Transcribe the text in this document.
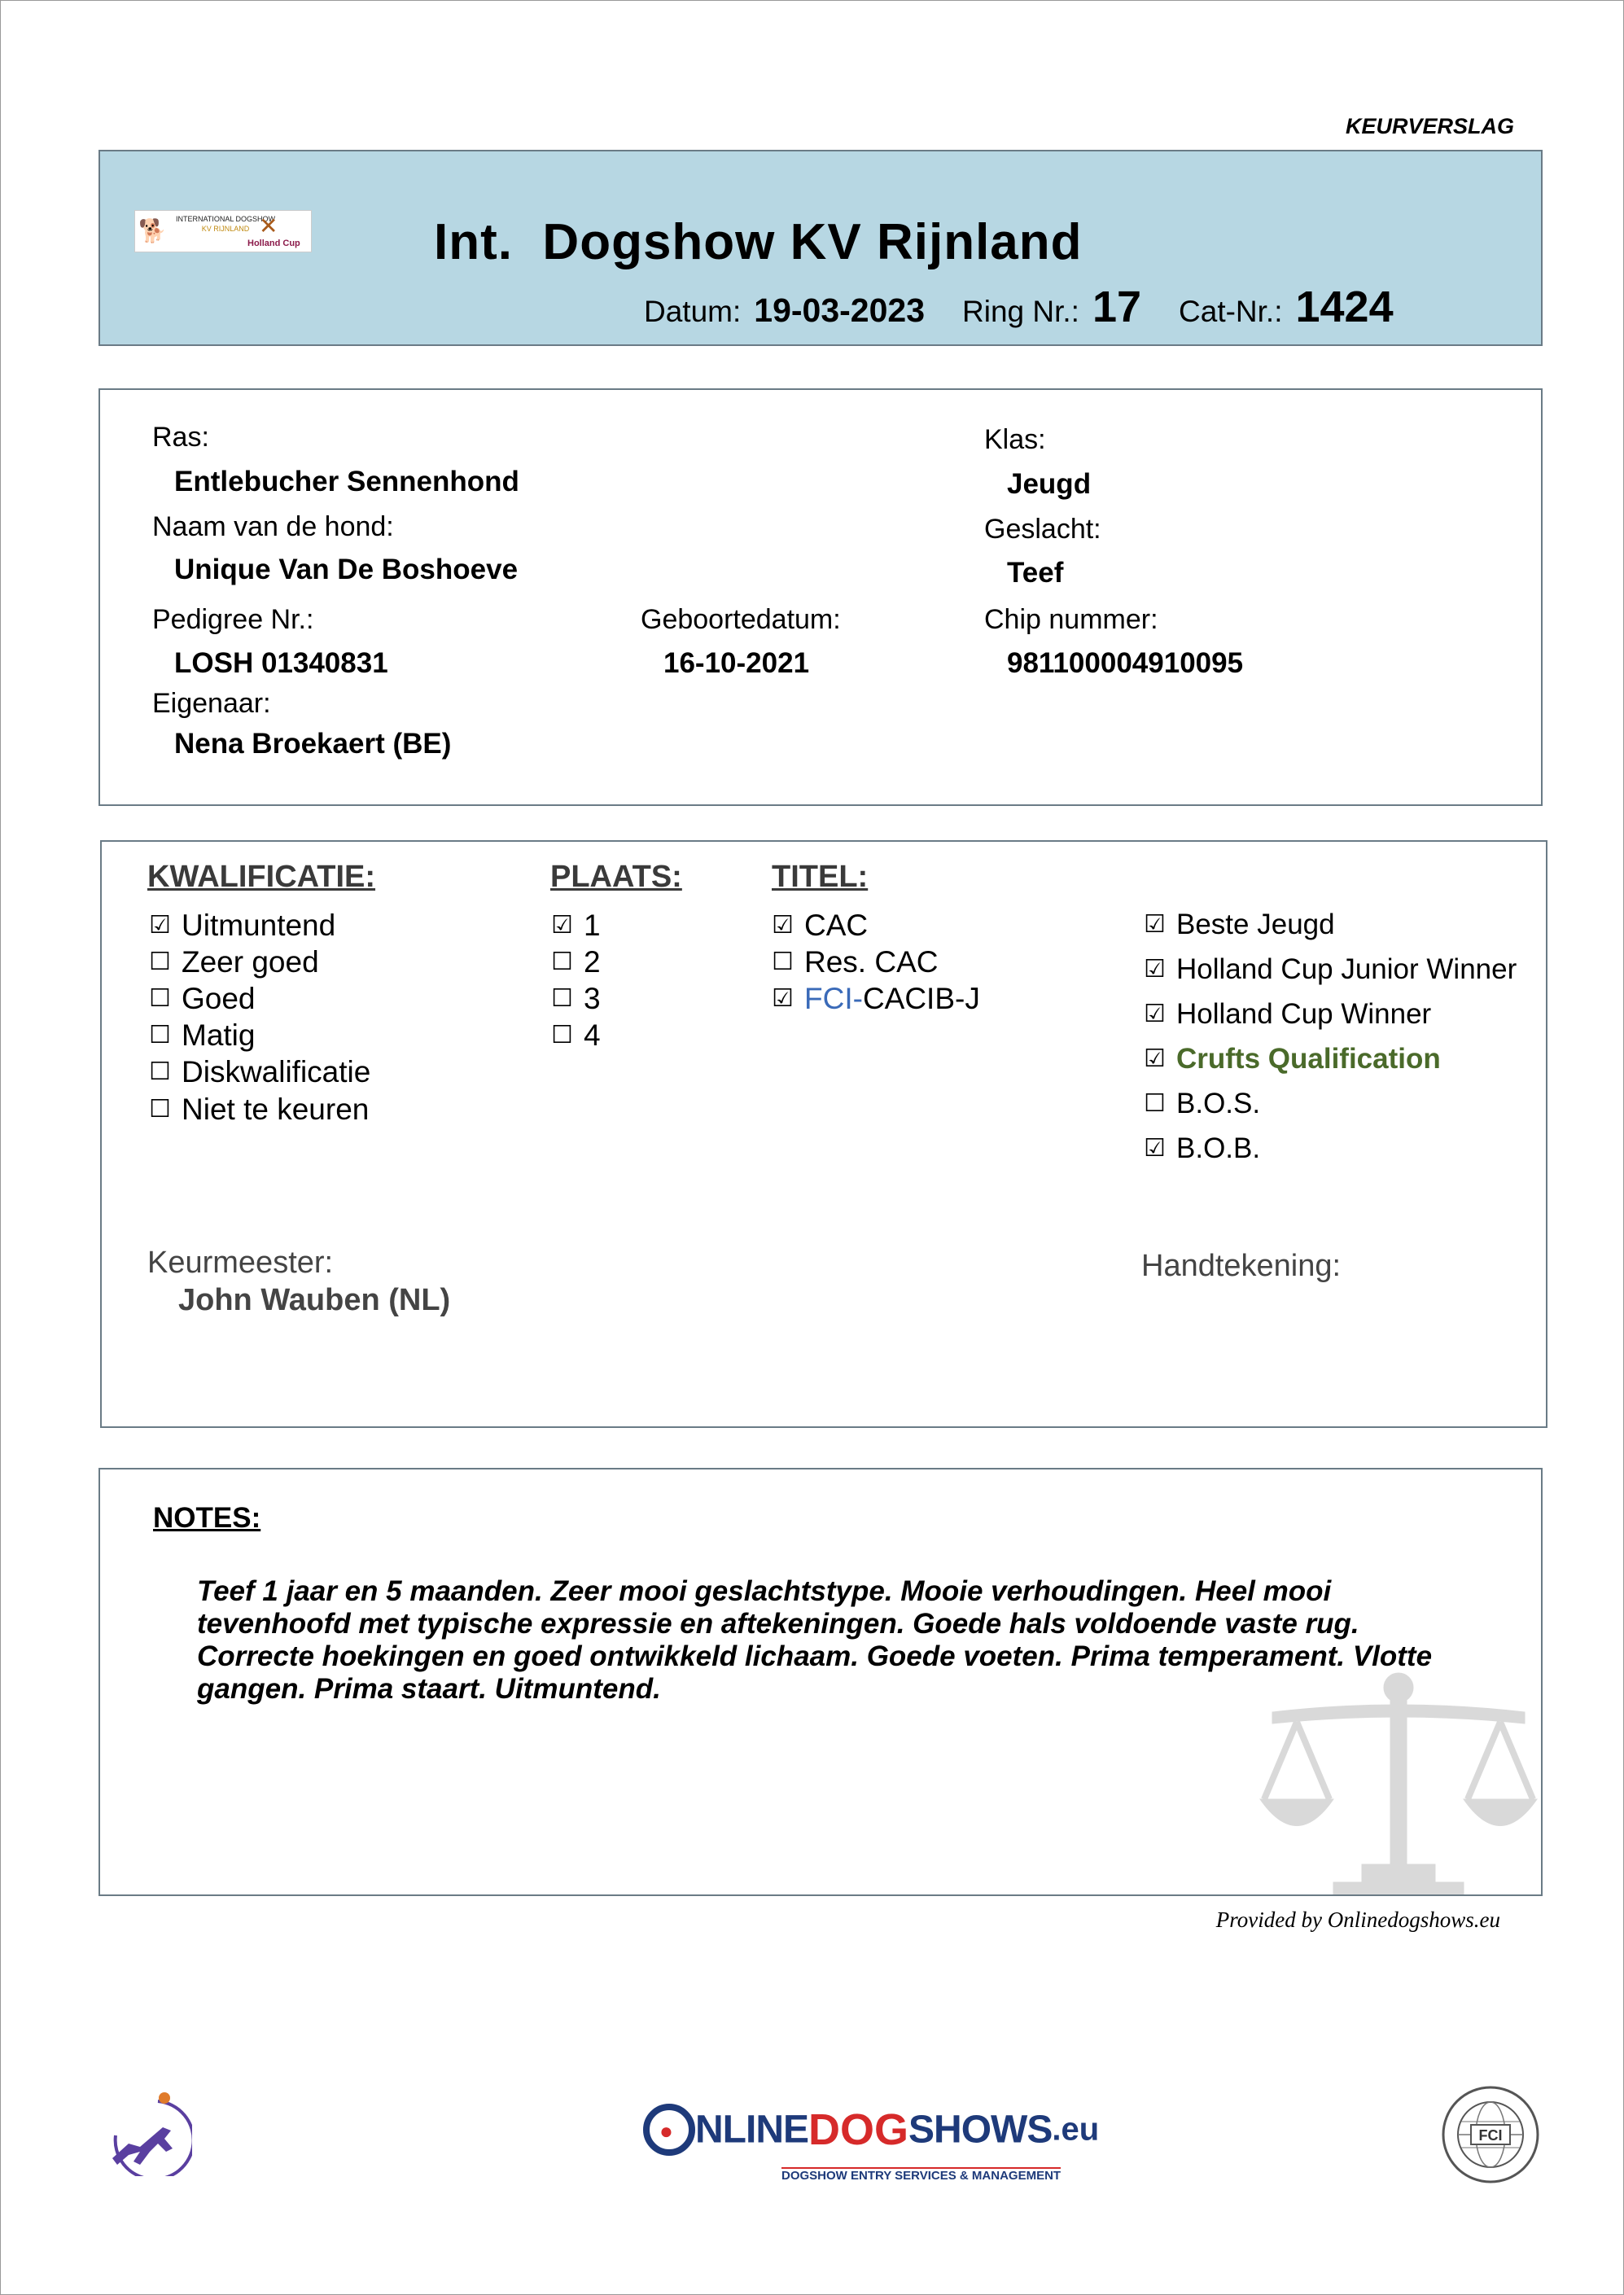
KEURVERSLAG
🐕 INTERNATIONAL DOGSHOW
KV RIJNLAND ✕
Holland Cup	Int.  Dogshow KV Rijnland
Datum: 19-03-2023 Ring Nr.: 17 Cat-Nr.: 1424
Ras:
Entlebucher Sennenhond
Naam van de hond:
Unique Van De Boshoeve
Pedigree Nr.:
LOSH 01340831
Geboortedatum:
16-10-2021
Eigenaar:
Nena Broekaert (BE)
Klas:
Jeugd
Geslacht:
Teef
Chip nummer:
981100004910095
KWALIFICATIE:
☑ Uitmuntend
☐ Zeer goed
☐ Goed
☐ Matig
☐ Diskwalificatie
☐ Niet te keuren
PLAATS:
☑ 1
☐ 2
☐ 3
☐ 4
TITEL:
☑ CAC
☐ Res. CAC
☑ FCI- CACIB-J
☑ Beste Jeugd
☑ Holland Cup Junior Winner
☑ Holland Cup Winner
☑ Crufts Qualification
☐ B.O.S.
☑ B.O.B.
Keurmeester:
John Wauben (NL)
Handtekening:
NOTES:
Teef 1 jaar en 5 maanden. Zeer mooi geslachtstype. Mooie verhoudingen. Heel mooi tevenhoofd met typische expressie en aftekeningen. Goede hals voldoende vaste rug. Correcte hoekingen en goed ontwikkeld lichaam. Goede voeten. Prima temperament. Vlotte gangen. Prima staart. Uitmuntend.
Provided by Onlinedogshows.eu
● NLINEDOGSHOWS.eu
DOGSHOW ENTRY SERVICES & MANAGEMENT
FCI
